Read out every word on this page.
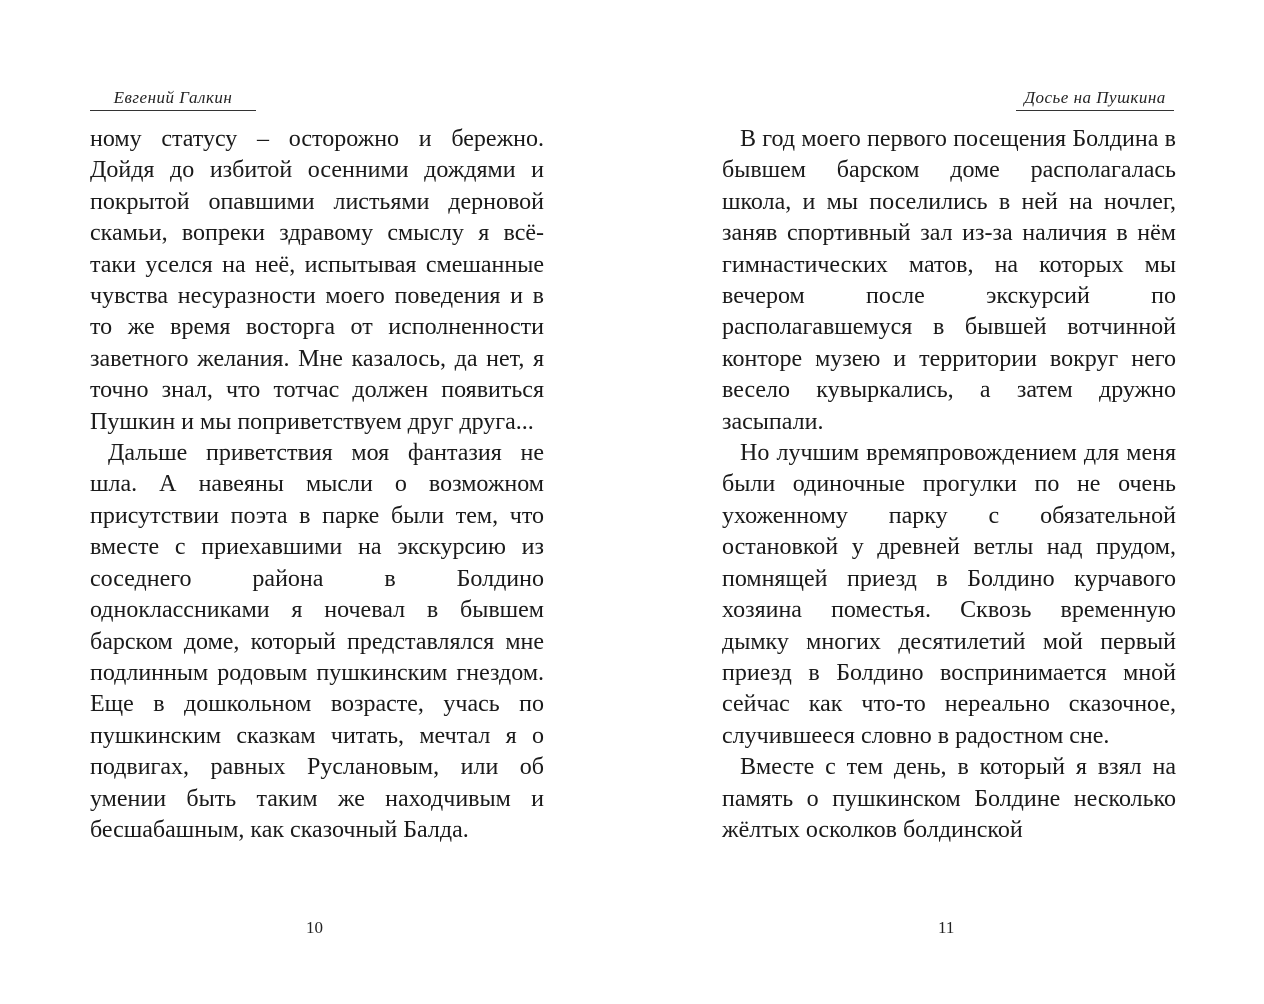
Евгений Галкин

ному статусу – осторожно и бережно. Дойдя до избитой осенними дождями и покрытой опавшими листьями дерновой скамьи, вопреки здравому смыслу я всё-таки уселся на неё, испытывая смешанные чувства несуразности моего поведения и в то же время восторга от исполненности заветного желания. Мне казалось, да нет, я точно знал, что тотчас должен появиться Пушкин и мы поприветствуем друг друга...

Дальше приветствия моя фантазия не шла. А навеяны мысли о возможном присутствии поэта в парке были тем, что вместе с приехавшими на экскурсию из соседнего района в Болдино одноклассниками я ночевал в бывшем барском доме, который представлялся мне подлинным родовым пушкинским гнездом. Еще в дошкольном возрасте, учась по пушкинским сказкам читать, мечтал я о подвигах, равных Руслановым, или об умении быть таким же находчивым и бесшабашным, как сказочный Балда.

10
Досье на Пушкина

В год моего первого посещения Болдина в бывшем барском доме располагалась школа, и мы поселились в ней на ночлег, заняв спортивный зал из-за наличия в нём гимнастических матов, на которых мы вечером после экскурсий по располагавшемуся в бывшей вотчинной конторе музею и территории вокруг него весело кувыркались, а затем дружно засыпали.

Но лучшим времяпровождением для меня были одиночные прогулки по не очень ухоженному парку с обязательной остановкой у древней ветлы над прудом, помнящей приезд в Болдино курчавого хозяина поместья. Сквозь временную дымку многих десятилетий мой первый приезд в Болдино воспринимается мной сейчас как что-то нереально сказочное, случившееся словно в радостном сне.

Вместе с тем день, в который я взял на память о пушкинском Болдине несколько жёлтых осколков болдинской

11
